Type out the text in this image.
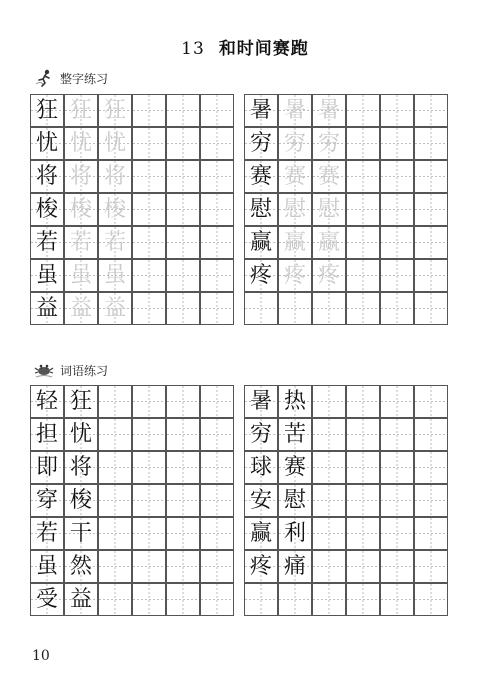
13 和时间赛跑
整字练习
狂 狂 狂	暑 暑 暑
忧 忧 忧	穷 穷 穷
将 将 将	赛 赛 赛
梭 梭 梭	慰 慰 慰
若 若 若	赢 赢 赢
虽 虽 虽	疼 疼 疼
益 益 益
词语练习
轻 狂	暑 热
担 忧	穷 苦
即 将	球 赛
穿 梭	安 慰
若 干	赢 利
虽 然	疼 痛
受 益
10
